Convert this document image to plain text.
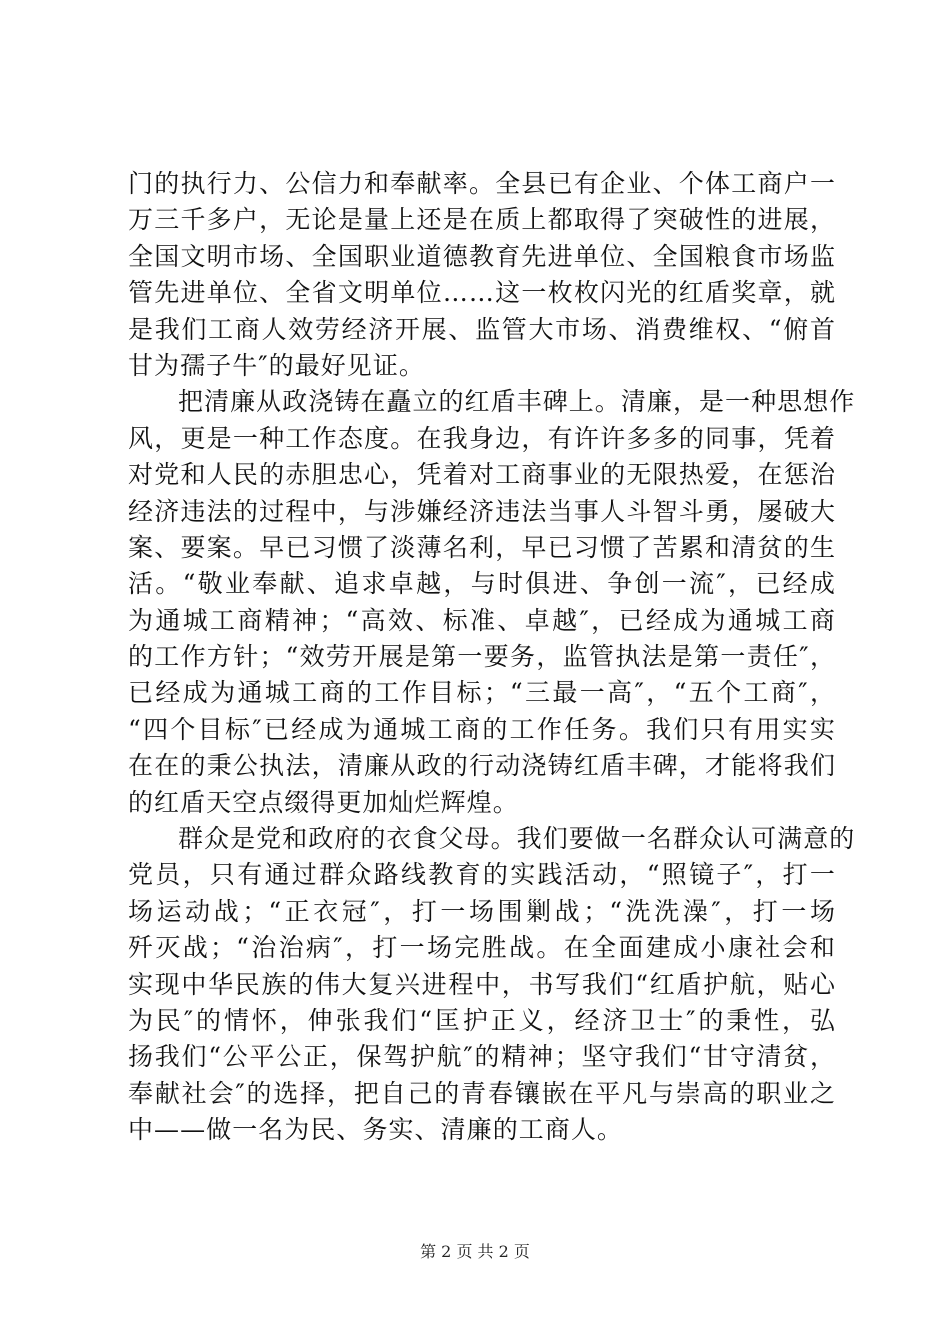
门的执行力、公信力和奉献率。全县已有企业、个体工商户一
万三千多户，无论是量上还是在质上都取得了突破性的进展，
全国文明市场、全国职业道德教育先进单位、全国粮食市场监
管先进单位、全省文明单位……这一枚枚闪光的红盾奖章，就
是我们工商人效劳经济开展、监管大市场、消费维权、“俯首
甘为孺子牛″的最好见证。
把清廉从政浇铸在矗立的红盾丰碑上。清廉，是一种思想作
风，更是一种工作态度。在我身边，有许许多多的同事，凭着
对党和人民的赤胆忠心，凭着对工商事业的无限热爱，在惩治
经济违法的过程中，与涉嫌经济违法当事人斗智斗勇，屡破大
案、要案。早已习惯了淡薄名利，早已习惯了苦累和清贫的生
活。“敬业奉献、追求卓越，与时俱进、争创一流″，已经成
为通城工商精神；“高效、标准、卓越″，已经成为通城工商
的工作方针；“效劳开展是第一要务，监管执法是第一责任″，
已经成为通城工商的工作目标；“三最一高″，“五个工商″，
“四个目标″已经成为通城工商的工作任务。我们只有用实实
在在的秉公执法，清廉从政的行动浇铸红盾丰碑，才能将我们
的红盾天空点缀得更加灿烂辉煌。
群众是党和政府的衣食父母。我们要做一名群众认可满意的
党员，只有通过群众路线教育的实践活动，“照镜子″，打一
场运动战；“正衣冠″，打一场围剿战；“洗洗澡″，打一场
歼灭战；“治治病″，打一场完胜战。在全面建成小康社会和
实现中华民族的伟大复兴进程中，书写我们“红盾护航，贴心
为民″的情怀，伸张我们“匡护正义，经济卫士″的秉性，弘
扬我们“公平公正，保驾护航″的精神；坚守我们“甘守清贫，
奉献社会″的选择，把自己的青春镶嵌在平凡与崇高的职业之
中——做一名为民、务实、清廉的工商人。
第 2 页 共 2 页
